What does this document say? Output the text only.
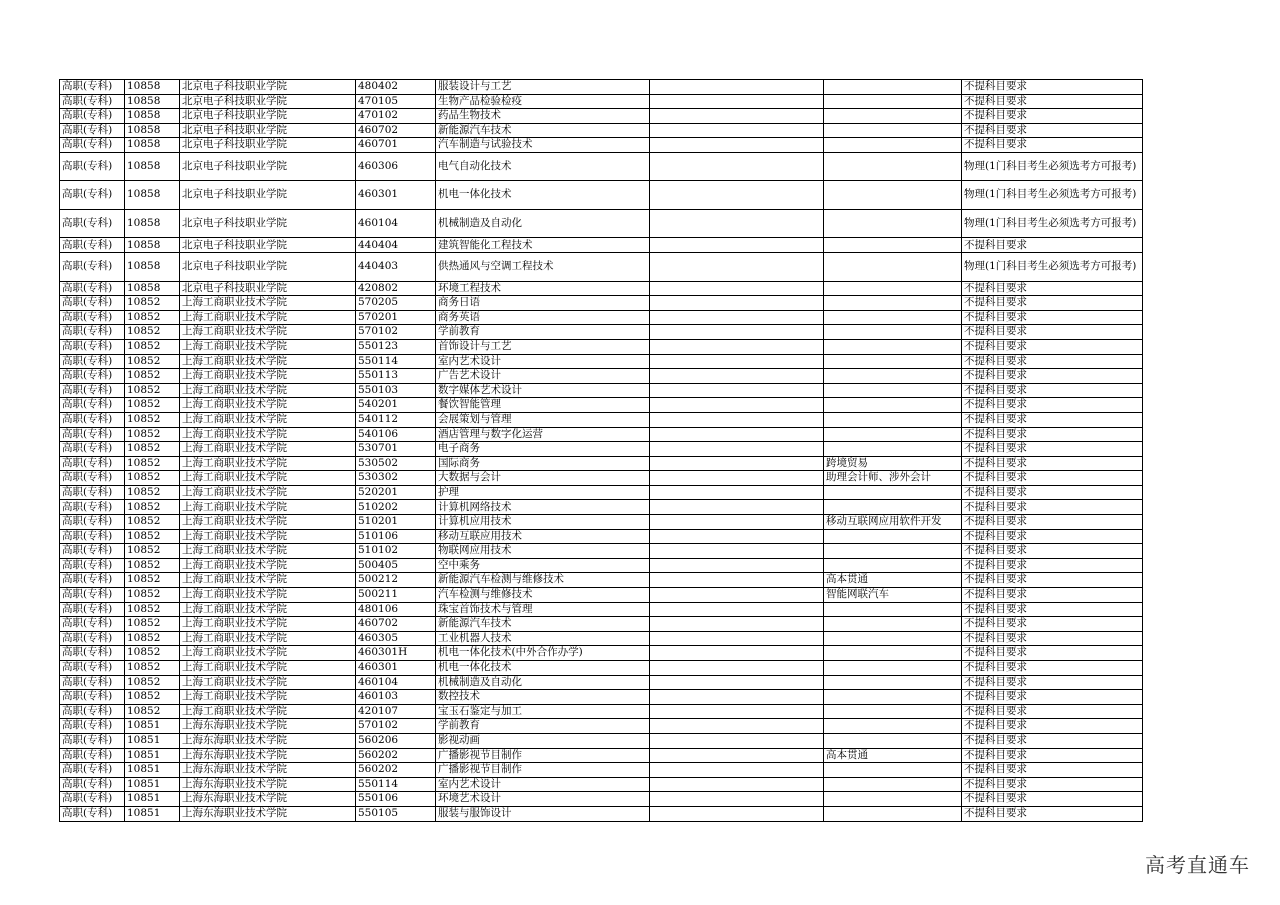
高职(专科)	10858	北京电子科技职业学院	480402	服装设计与工艺			不提科目要求
高职(专科)	10858	北京电子科技职业学院	470105	生物产品检验检疫			不提科目要求
高职(专科)	10858	北京电子科技职业学院	470102	药品生物技术			不提科目要求
高职(专科)	10858	北京电子科技职业学院	460702	新能源汽车技术			不提科目要求
高职(专科)	10858	北京电子科技职业学院	460701	汽车制造与试验技术			不提科目要求
高职(专科)	10858	北京电子科技职业学院	460306	电气自动化技术			物理(1门科目考生必须选考方可报考)
高职(专科)	10858	北京电子科技职业学院	460301	机电一体化技术			物理(1门科目考生必须选考方可报考)
高职(专科)	10858	北京电子科技职业学院	460104	机械制造及自动化			物理(1门科目考生必须选考方可报考)
高职(专科)	10858	北京电子科技职业学院	440404	建筑智能化工程技术			不提科目要求
高职(专科)	10858	北京电子科技职业学院	440403	供热通风与空调工程技术			物理(1门科目考生必须选考方可报考)
高职(专科)	10858	北京电子科技职业学院	420802	环境工程技术			不提科目要求
高职(专科)	10852	上海工商职业技术学院	570205	商务日语			不提科目要求
高职(专科)	10852	上海工商职业技术学院	570201	商务英语			不提科目要求
高职(专科)	10852	上海工商职业技术学院	570102	学前教育			不提科目要求
高职(专科)	10852	上海工商职业技术学院	550123	首饰设计与工艺			不提科目要求
高职(专科)	10852	上海工商职业技术学院	550114	室内艺术设计			不提科目要求
高职(专科)	10852	上海工商职业技术学院	550113	广告艺术设计			不提科目要求
高职(专科)	10852	上海工商职业技术学院	550103	数字媒体艺术设计			不提科目要求
高职(专科)	10852	上海工商职业技术学院	540201	餐饮智能管理			不提科目要求
高职(专科)	10852	上海工商职业技术学院	540112	会展策划与管理			不提科目要求
高职(专科)	10852	上海工商职业技术学院	540106	酒店管理与数字化运营			不提科目要求
高职(专科)	10852	上海工商职业技术学院	530701	电子商务			不提科目要求
高职(专科)	10852	上海工商职业技术学院	530502	国际商务		跨境贸易	不提科目要求
高职(专科)	10852	上海工商职业技术学院	530302	大数据与会计		助理会计师、涉外会计	不提科目要求
高职(专科)	10852	上海工商职业技术学院	520201	护理			不提科目要求
高职(专科)	10852	上海工商职业技术学院	510202	计算机网络技术			不提科目要求
高职(专科)	10852	上海工商职业技术学院	510201	计算机应用技术		移动互联网应用软件开发	不提科目要求
高职(专科)	10852	上海工商职业技术学院	510106	移动互联应用技术			不提科目要求
高职(专科)	10852	上海工商职业技术学院	510102	物联网应用技术			不提科目要求
高职(专科)	10852	上海工商职业技术学院	500405	空中乘务			不提科目要求
高职(专科)	10852	上海工商职业技术学院	500212	新能源汽车检测与维修技术		高本贯通	不提科目要求
高职(专科)	10852	上海工商职业技术学院	500211	汽车检测与维修技术		智能网联汽车	不提科目要求
高职(专科)	10852	上海工商职业技术学院	480106	珠宝首饰技术与管理			不提科目要求
高职(专科)	10852	上海工商职业技术学院	460702	新能源汽车技术			不提科目要求
高职(专科)	10852	上海工商职业技术学院	460305	工业机器人技术			不提科目要求
高职(专科)	10852	上海工商职业技术学院	460301H	机电一体化技术(中外合作办学)			不提科目要求
高职(专科)	10852	上海工商职业技术学院	460301	机电一体化技术			不提科目要求
高职(专科)	10852	上海工商职业技术学院	460104	机械制造及自动化			不提科目要求
高职(专科)	10852	上海工商职业技术学院	460103	数控技术			不提科目要求
高职(专科)	10852	上海工商职业技术学院	420107	宝玉石鉴定与加工			不提科目要求
高职(专科)	10851	上海东海职业技术学院	570102	学前教育			不提科目要求
高职(专科)	10851	上海东海职业技术学院	560206	影视动画			不提科目要求
高职(专科)	10851	上海东海职业技术学院	560202	广播影视节目制作		高本贯通	不提科目要求
高职(专科)	10851	上海东海职业技术学院	560202	广播影视节目制作			不提科目要求
高职(专科)	10851	上海东海职业技术学院	550114	室内艺术设计			不提科目要求
高职(专科)	10851	上海东海职业技术学院	550106	环境艺术设计			不提科目要求
高职(专科)	10851	上海东海职业技术学院	550105	服装与服饰设计			不提科目要求
高考直通车
